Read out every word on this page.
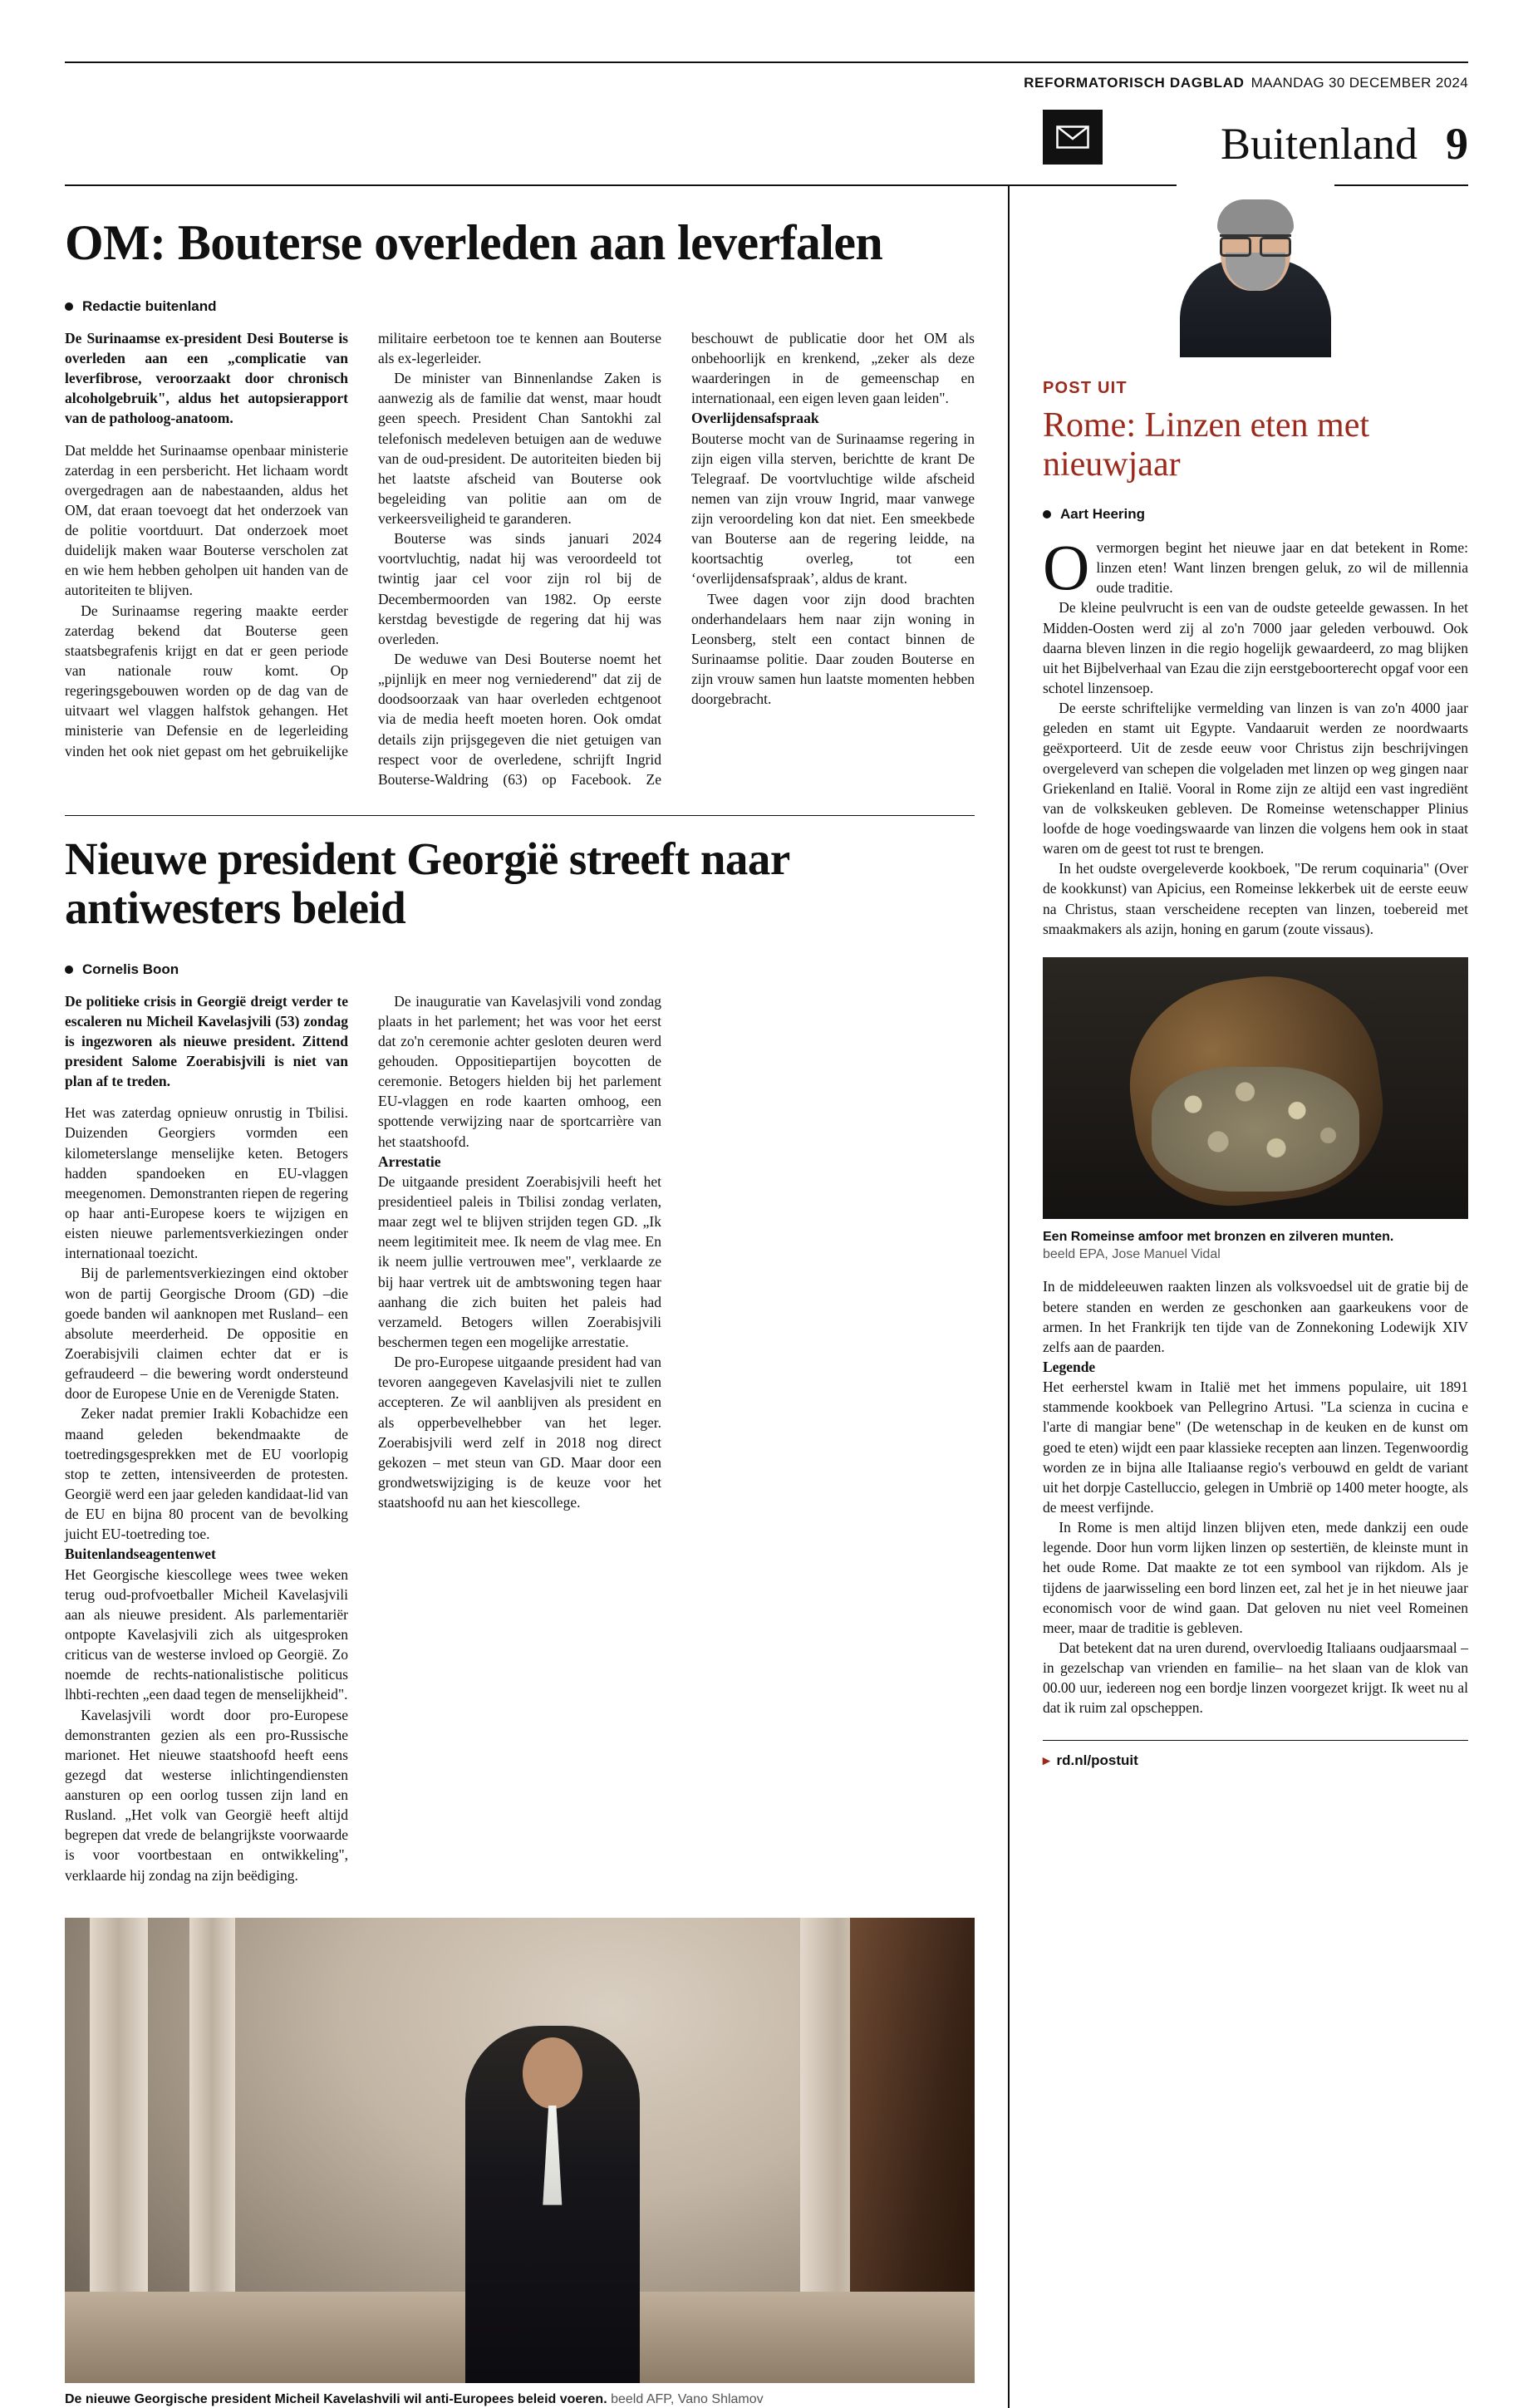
REFORMATORISCH DAGBLAD MAANDAG 30 DECEMBER 2024
Buitenland 9
OM: Bouterse overleden aan leverfalen
Redactie buitenland

De Surinaamse ex-president Desi Bouterse is overleden aan een „complicatie van leverfibrose, veroorzaakt door chronisch alcoholgebruik", aldus het autopsierapport van de patholoog-anatoom.

Dat meldde het Surinaamse openbaar ministerie zaterdag in een persbericht. Het lichaam wordt overgedragen aan de nabestaanden, aldus het OM, dat eraan toevoegt dat het onderzoek van de politie voortduurt. Dat onderzoek moet duidelijk maken waar Bouterse verscholen zat en wie hem hebben geholpen uit handen van de autoriteiten te blijven.

De Surinaamse regering maakte eerder zaterdag bekend dat Bouterse geen staatsbegrafenis krijgt en dat er geen periode van nationale rouw komt. Op regeringsgebouwen worden op de dag van de uitvaart wel vlaggen halfstok gehangen. Het ministerie van Defensie en de legerleiding vinden het ook niet gepast om het gebruikelijke militaire eerbetoon toe te kennen aan Bouterse als ex-legerleider.

De minister van Binnenlandse Zaken is aanwezig als de familie dat wenst, maar houdt geen speech. President Chan Santokhi zal telefonisch medeleven betuigen aan de weduwe van de oud-president. De autoriteiten bieden bij het laatste afscheid van Bouterse ook begeleiding van politie aan om de verkeersveiligheid te garanderen.

Bouterse was sinds januari 2024 voortvluchtig, nadat hij was veroordeeld tot twintig jaar cel voor zijn rol bij de Decembermoorden van 1982. Op eerste kerstdag bevestigde de regering dat hij was overleden.

De weduwe van Desi Bouterse noemt het „pijnlijk en meer nog verniederend" dat zij de doodsoorzaak van haar overleden echtgenoot via de media heeft moeten horen. Ook omdat details zijn prijsgegeven die niet getuigen van respect voor de overledene, schrijft Ingrid Bouterse-Waldring (63) op Facebook. Ze beschouwt de publicatie door het OM als onbehoorlijk en krenkend, „zeker als deze waarderingen in de gemeenschap en internationaal, een eigen leven gaan leiden".

Overlijdensafspraak

Bouterse mocht van de Surinaamse regering in zijn eigen villa sterven, berichtte de krant De Telegraaf. De voortvluchtige wilde afscheid nemen van zijn vrouw Ingrid, maar vanwege zijn veroordeling kon dat niet. Een smeekbede van Bouterse aan de regering leidde, na koortsachtig overleg, tot een ‘overlijdensafspraak’, aldus de krant.

Twee dagen voor zijn dood brachten onderhandelaars hem naar zijn woning in Leonsberg, stelt een contact binnen de Surinaamse politie. Daar zouden Bouterse en zijn vrouw samen hun laatste momenten hebben doorgebracht.

Nieuwe president Georgië streeft naar antiwesters beleid
Cornelis Boon

De politieke crisis in Georgië dreigt verder te escaleren nu Micheil Kavelasjvili (53) zondag is ingezworen als nieuwe president. Zittend president Salome Zoerabisjvili is niet van plan af te treden.

Het was zaterdag opnieuw onrustig in Tbilisi. Duizenden Georgiers vormden een kilometerslange menselijke keten. Betogers hadden spandoeken en EU-vlaggen meegenomen. Demonstranten riepen de regering op haar anti-Europese koers te wijzigen en eisten nieuwe parlementsverkiezingen onder internationaal toezicht.

Bij de parlementsverkiezingen eind oktober won de partij Georgische Droom (GD) –die goede banden wil aanknopen met Rusland– een absolute meerderheid. De oppositie en Zoerabisjvili claimen echter dat er is gefraudeerd – die bewering wordt ondersteund door de Europese Unie en de Verenigde Staten.

Zeker nadat premier Irakli Kobachidze een maand geleden bekendmaakte de toetredingsgesprekken met de EU voorlopig stop te zetten, intensiveerden de protesten. Georgië werd een jaar geleden kandidaat-lid van de EU en bijna 80 procent van de bevolking juicht EU-toetreding toe.

Buitenlandseagentenwet

Het Georgische kiescollege wees twee weken terug oud-profvoetballer Micheil Kavelasjvili aan als nieuwe president. Als parlementariër ontpopte Kavelasjvili zich als uitgesproken criticus van de westerse invloed op Georgië. Zo noemde de rechts-nationalistische politicus lhbti-rechten „een daad tegen de menselijkheid".

Kavelasjvili wordt door pro-Europese demonstranten gezien als een pro-Russische marionet. Het nieuwe staatshoofd heeft eens gezegd dat westerse inlichtingendiensten aansturen op een oorlog tussen zijn land en Rusland. „Het volk van Georgië heeft altijd begrepen dat vrede de belangrijkste voorwaarde is voor voortbestaan en ontwikkeling", verklaarde hij zondag na zijn beëdiging.

De inauguratie van Kavelasjvili vond zondag plaats in het parlement; het was voor het eerst dat zo'n ceremonie achter gesloten deuren werd gehouden. Oppositiepartijen boycotten de ceremonie. Betogers hielden bij het parlement EU-vlaggen en rode kaarten omhoog, een spottende verwijzing naar de sportcarrière van het staatshoofd.

Arrestatie

De uitgaande president Zoerabisjvili heeft het presidentieel paleis in Tbilisi zondag verlaten, maar zegt wel te blijven strijden tegen GD. „Ik neem legitimiteit mee. Ik neem de vlag mee. En ik neem jullie vertrouwen mee", verklaarde ze bij haar vertrek uit de ambtswoning tegen haar aanhang die zich buiten het paleis had verzameld. Betogers willen Zoerabisjvili beschermen tegen een mogelijke arrestatie.

De pro-Europese uitgaande president had van tevoren aangegeven Kavelasjvili niet te zullen accepteren. Ze wil aanblijven als president en als opperbevelhebber van het leger. Zoerabisjvili werd zelf in 2018 nog direct gekozen – met steun van GD. Maar door een grondwetswijziging is de keuze voor het staatshoofd nu aan het kiescollege.

De nieuwe Georgische president Micheil Kavelashvili wil anti-Europees beleid voeren. beeld AFP, Vano Shlamov
POST UIT
Rome: Linzen eten met nieuwjaar
Aart Heering

Overmorgen begint het nieuwe jaar en dat betekent in Rome: linzen eten! Want linzen brengen geluk, zo wil de millennia oude traditie.

De kleine peulvrucht is een van de oudste geteelde gewassen. In het Midden-Oosten werd zij al zo'n 7000 jaar geleden verbouwd. Ook daarna bleven linzen in die regio hogelijk gewaardeerd, zo mag blijken uit het Bijbelverhaal van Ezau die zijn eerstgeboorterecht opgaf voor een schotel linzensoep.

De eerste schriftelijke vermelding van linzen is van zo'n 4000 jaar geleden en stamt uit Egypte. Vandaaruit werden ze noordwaarts geëxporteerd. Uit de zesde eeuw voor Christus zijn beschrijvingen overgeleverd van schepen die volgeladen met linzen op weg gingen naar Griekenland en Italië. Vooral in Rome zijn ze altijd een vast ingrediënt van de volkskeuken gebleven. De Romeinse wetenschapper Plinius loofde de hoge voedingswaarde van linzen die volgens hem ook in staat waren om de geest tot rust te brengen.

In het oudste overgeleverde kookboek, "De rerum coquinaria" (Over de kookkunst) van Apicius, een Romeinse lekkerbek uit de eerste eeuw na Christus, staan verscheidene recepten van linzen, toebereid met smaakmakers als azijn, honing en garum (zoute vissaus).

Een Romeinse amfoor met bronzen en zilveren munten.
beeld EPA, Jose Manuel Vidal

In de middeleeuwen raakten linzen als volksvoedsel uit de gratie bij de betere standen en werden ze geschonken aan gaarkeukens voor de armen. In het Frankrijk ten tijde van de Zonnekoning Lodewijk XIV zelfs aan de paarden.

Legende

Het eerherstel kwam in Italië met het immens populaire, uit 1891 stammende kookboek van Pellegrino Artusi. "La scienza in cucina e l'arte di mangiar bene" (De wetenschap in de keuken en de kunst om goed te eten) wijdt een paar klassieke recepten aan linzen. Tegenwoordig worden ze in bijna alle Italiaanse regio's verbouwd en geldt de variant uit het dorpje Castelluccio, gelegen in Umbrië op 1400 meter hoogte, als de meest verfijnde.

In Rome is men altijd linzen blijven eten, mede dankzij een oude legende. Door hun vorm lijken linzen op sestertiën, de kleinste munt in het oude Rome. Dat maakte ze tot een symbool van rijkdom. Als je tijdens de jaarwisseling een bord linzen eet, zal het je in het nieuwe jaar economisch voor de wind gaan. Dat geloven nu niet veel Romeinen meer, maar de traditie is gebleven.

Dat betekent dat na uren durend, overvloedig Italiaans oudjaarsmaal –in gezelschap van vrienden en familie– na het slaan van de klok van 00.00 uur, iedereen nog een bordje linzen voorgezet krijgt. Ik weet nu al dat ik ruim zal opscheppen.

▸ rd.nl/postuit
